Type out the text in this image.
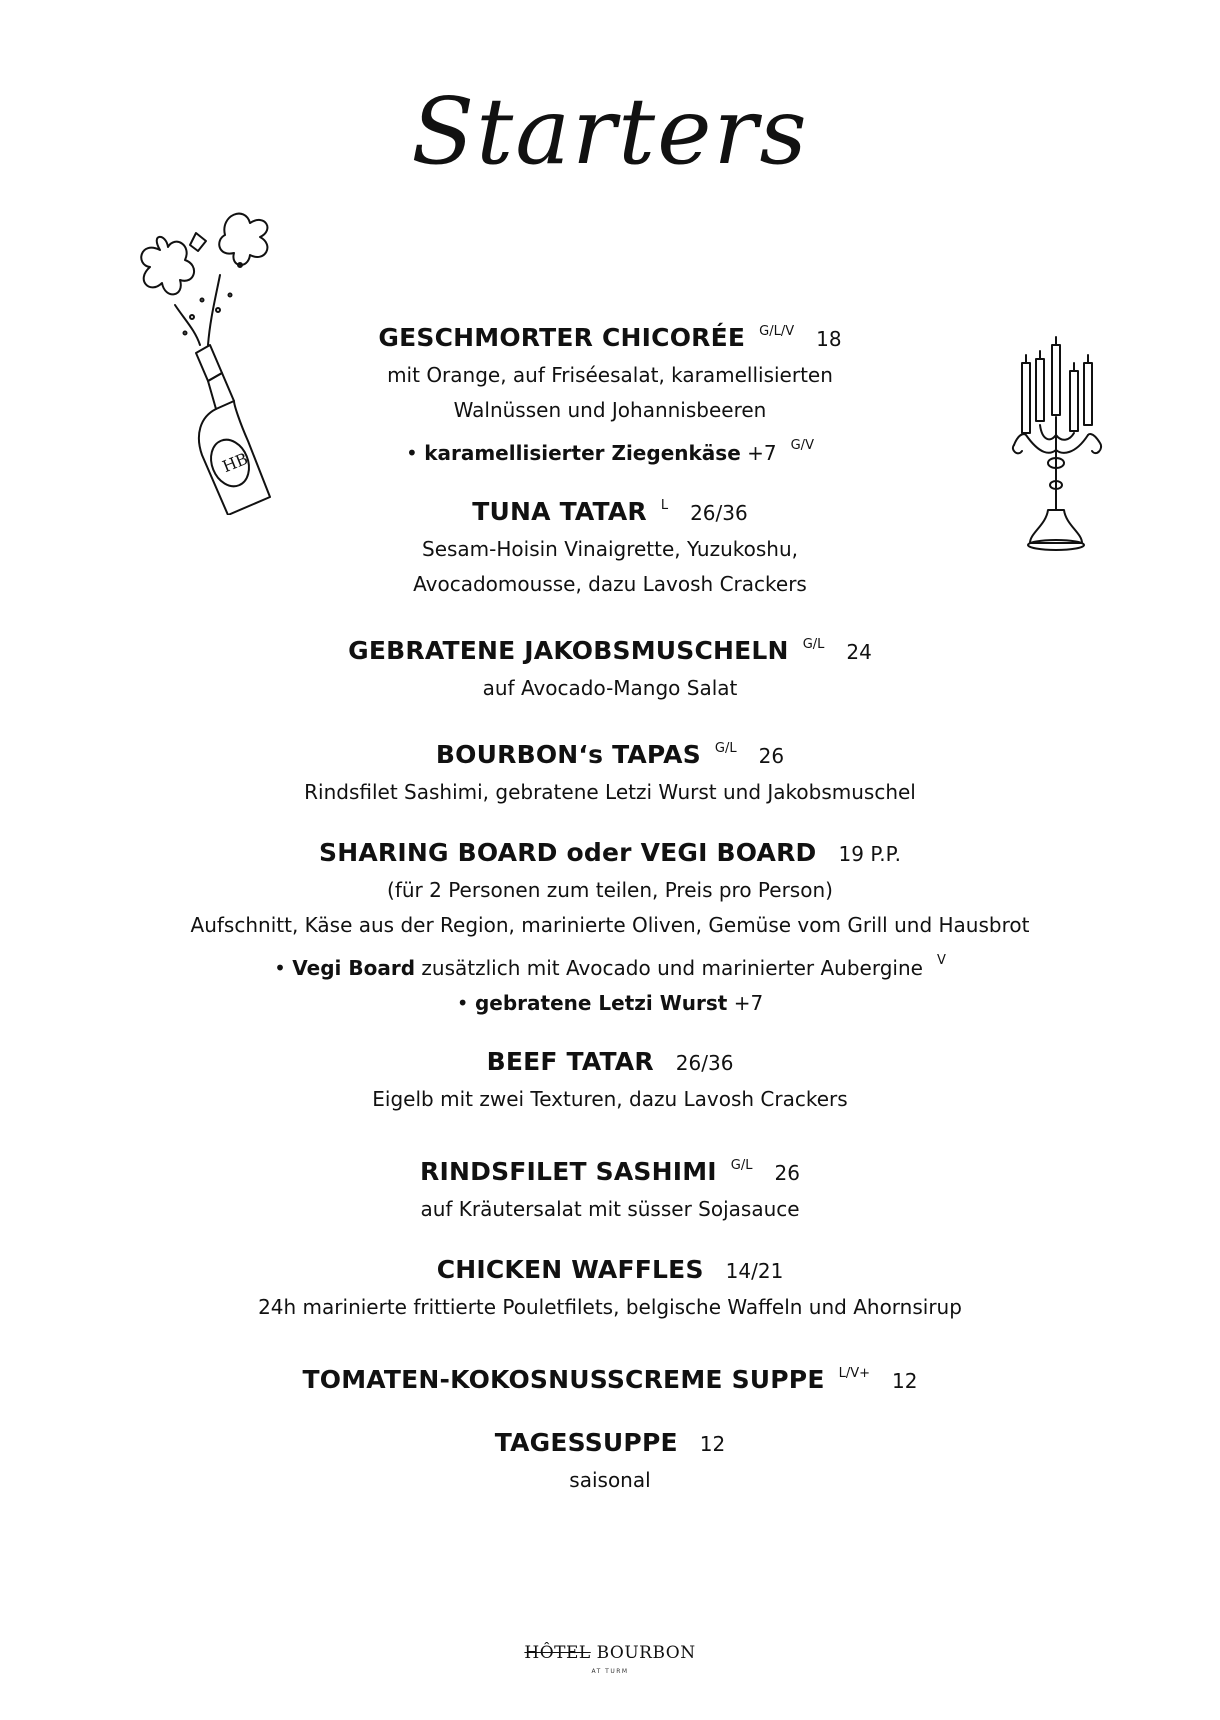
Starters
HB
GESCHMORTER CHICORÉE $^{G/L/V}$ 18
mit Orange, auf Friséesalat, karamellisierten
Walnüssen und Johannisbeeren
• karamellisierter Ziegenkäse +7 $^{G/V}$
TUNA TATAR $^L$ 26/36
Sesam-Hoisin Vinaigrette, Yuzukoshu,
Avocadomousse, dazu Lavosh Crackers
GEBRATENE JAKOBSMUSCHELN $^{G/L}$ 24
auf Avocado-Mango Salat
BOURBON‘s TAPAS $^{G/L}$ 26
Rindsfilet Sashimi, gebratene Letzi Wurst und Jakobsmuschel
SHARING BOARD oder VEGI BOARD 19 P.P.
(für 2 Personen zum teilen, Preis pro Person)
Aufschnitt, Käse aus der Region, marinierte Oliven, Gemüse vom Grill und Hausbrot
• Vegi Board zusätzlich mit Avocado und marinierter Aubergine $^V$
• gebratene Letzi Wurst +7
BEEF TATAR 26/36
Eigelb mit zwei Texturen, dazu Lavosh Crackers
RINDSFILET SASHIMI $^{G/L}$ 26
auf Kräutersalat mit süsser Sojasauce
CHICKEN WAFFLES 14/21
24h marinierte frittierte Pouletfilets, belgische Waffeln und Ahornsirup
TOMATEN-KOKOSNUSSCREME SUPPE $^{L/V+}$ 12
TAGESSUPPE 12
saisonal
HÔTEL BOURBON
AT TURM
